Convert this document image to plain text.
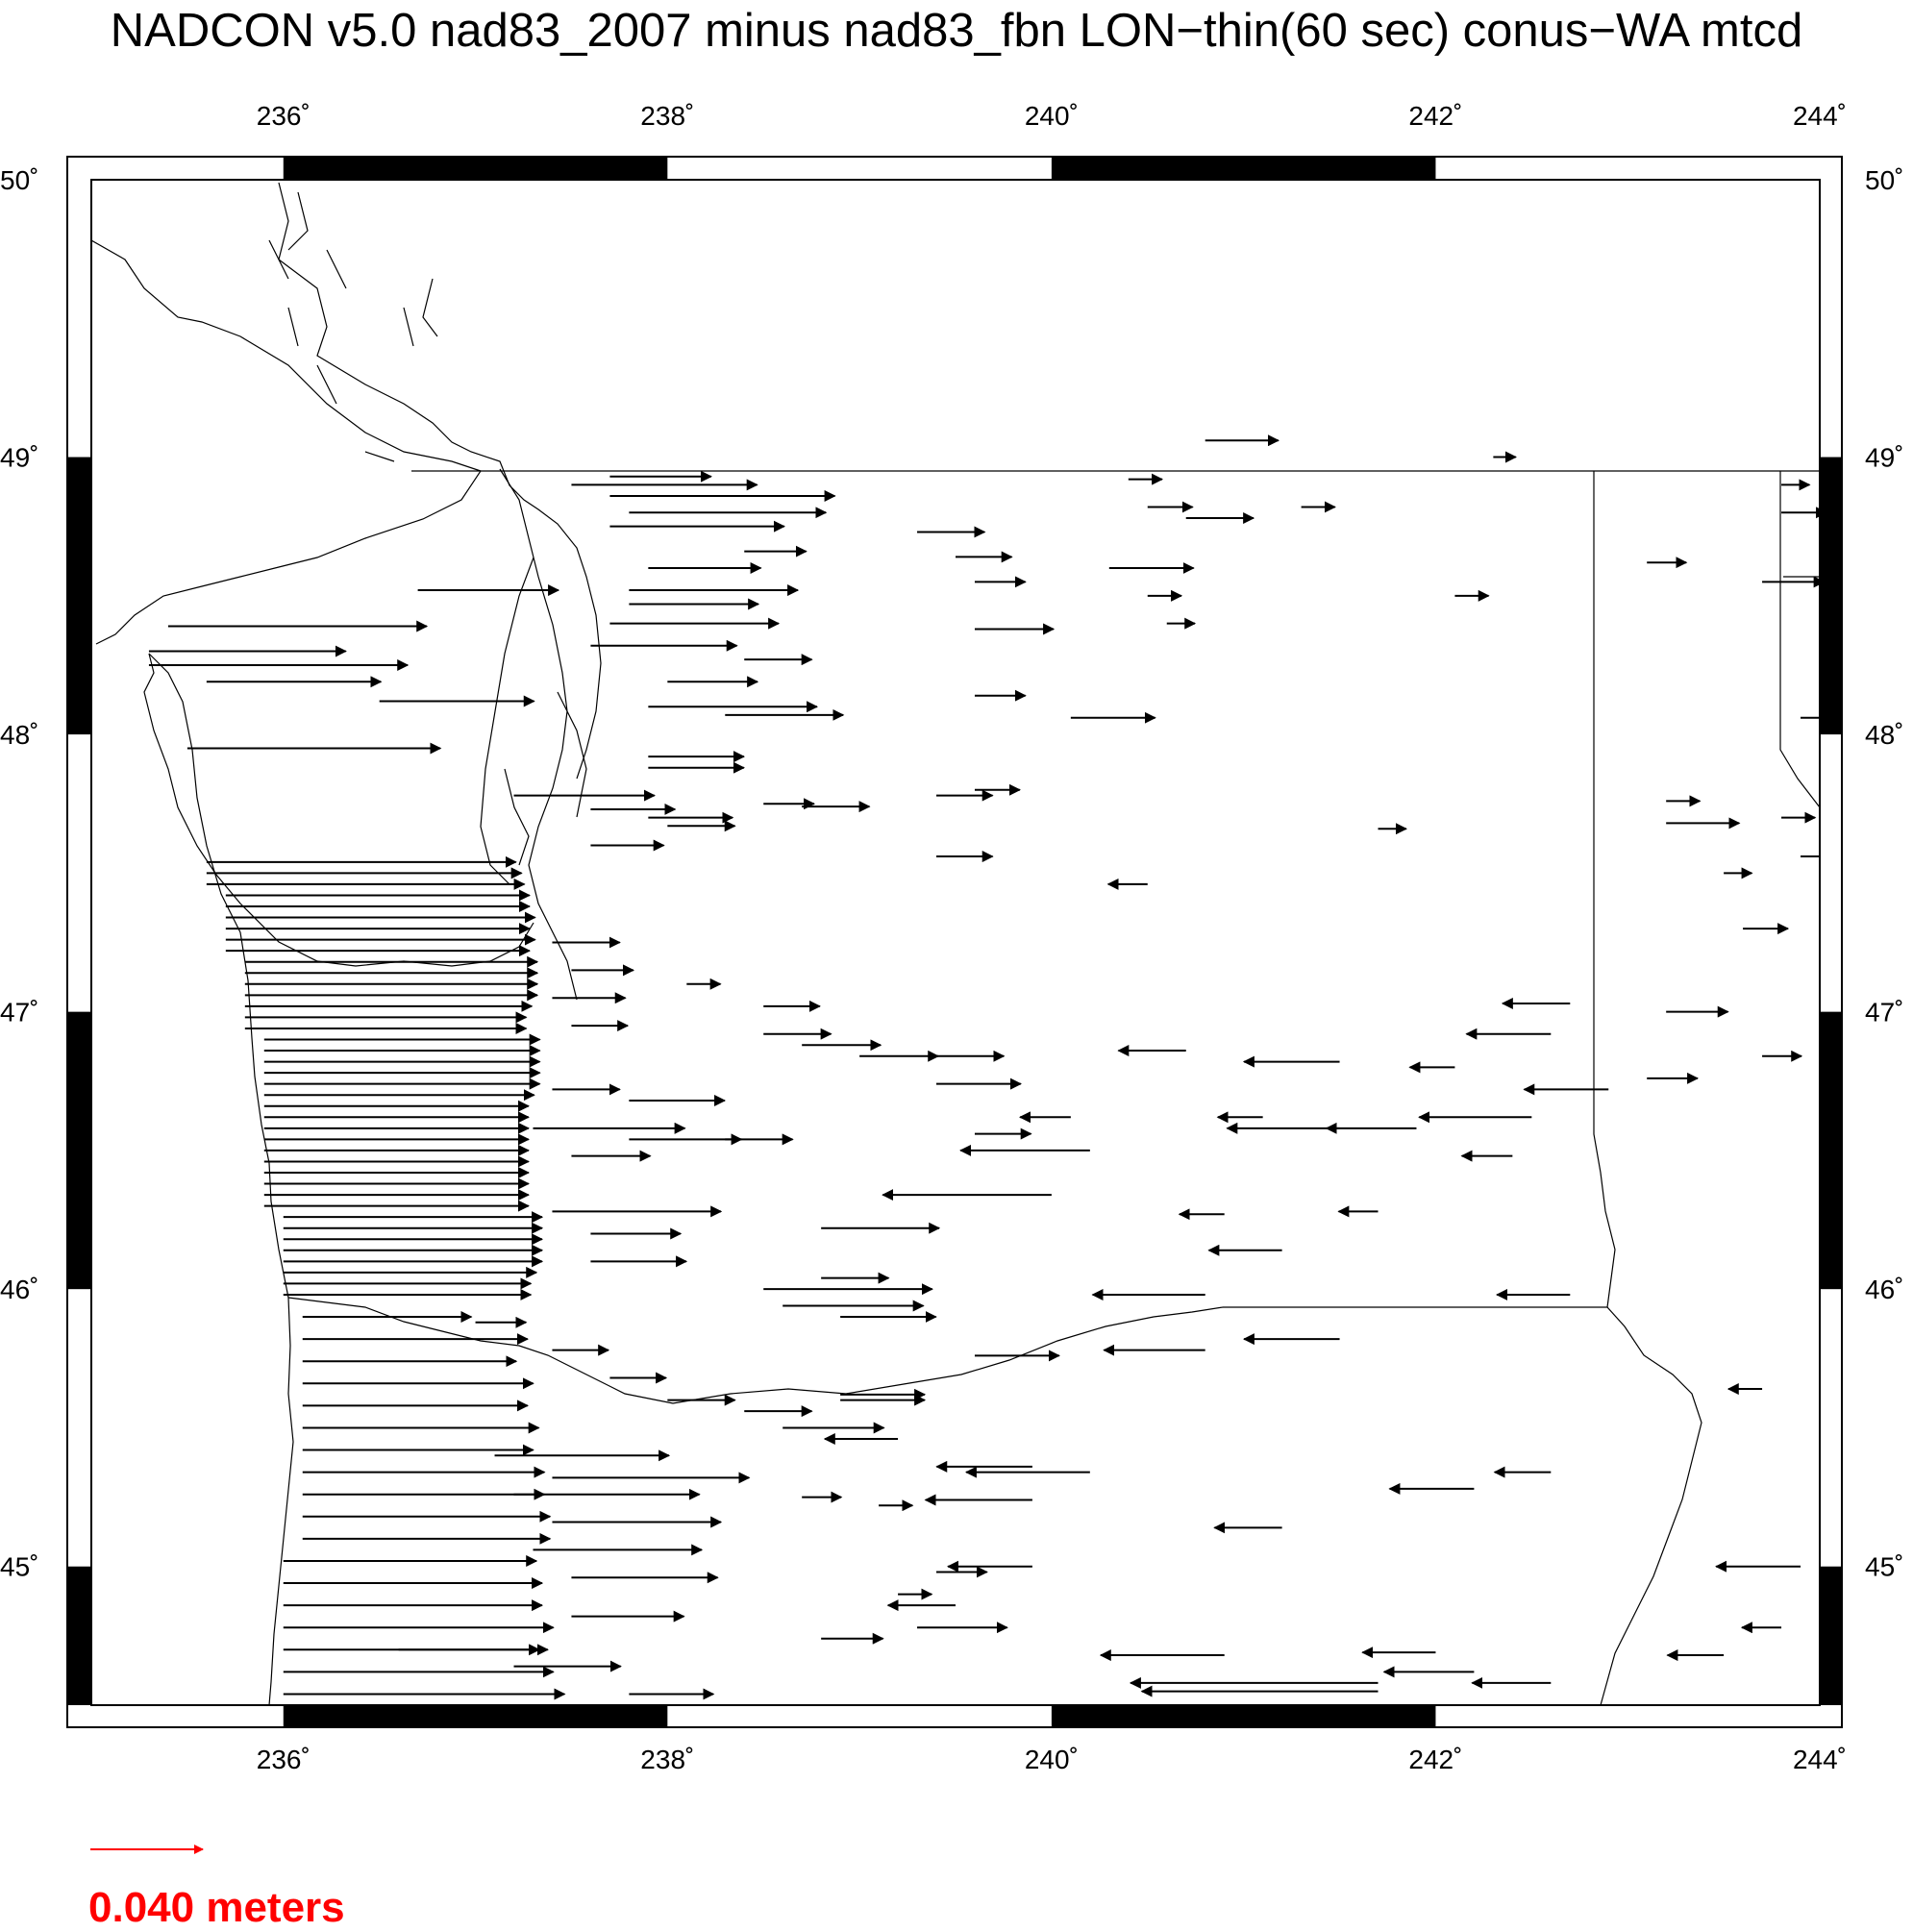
NADCON v5.0 nad83_2007 minus nad83_fbn LON−thin(60 sec) conus−WA mtcd
236˚
236˚
238˚
238˚
240˚
240˚
242˚
242˚
244˚
244˚
45˚	45˚
46˚	46˚
47˚	47˚
48˚	48˚
49˚	49˚
50˚	50˚
0.040 meters
